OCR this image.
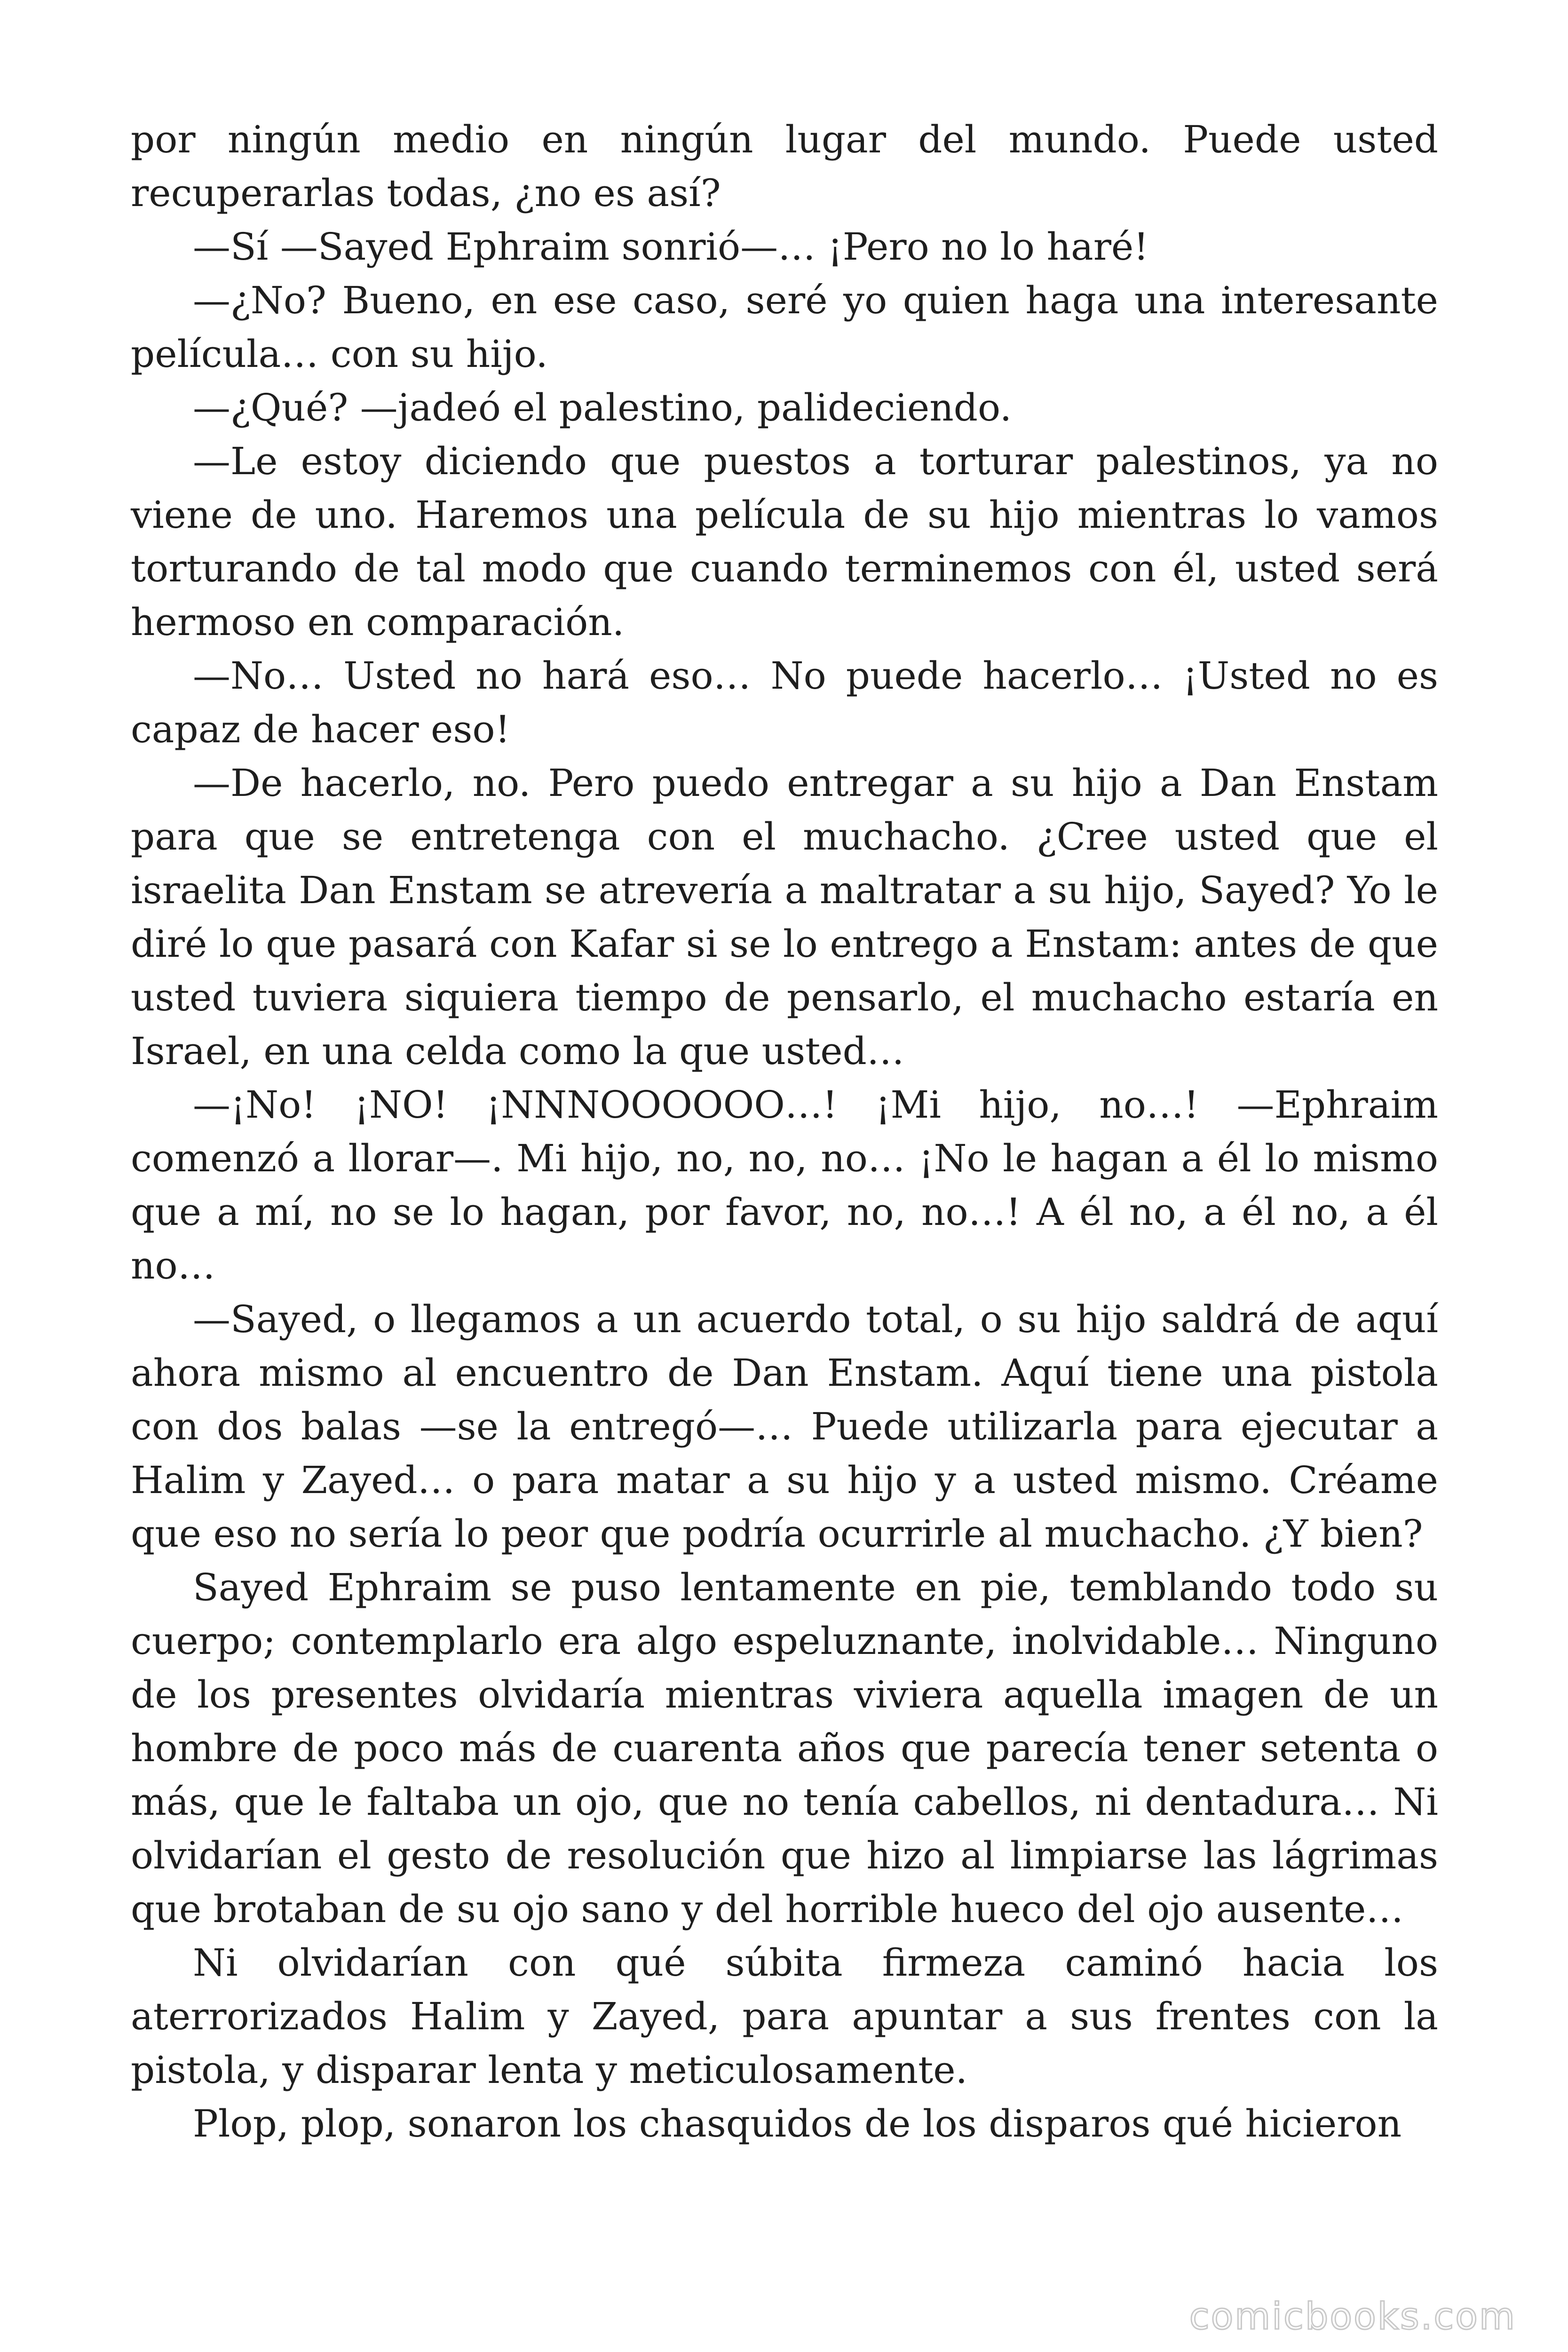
por ningún medio en ningún lugar del mundo. Puede usted recuperarlas todas, ¿no es así?

—Sí —Sayed Ephraim sonrió—… ¡Pero no lo haré!

—¿No? Bueno, en ese caso, seré yo quien haga una interesante película… con su hijo.

—¿Qué? —jadeó el palestino, palideciendo.

—Le estoy diciendo que puestos a torturar palestinos, ya no viene de uno. Haremos una película de su hijo mientras lo vamos torturando de tal modo que cuando terminemos con él, usted será hermoso en comparación.

—No… Usted no hará eso… No puede hacerlo… ¡Usted no es capaz de hacer eso!

—De hacerlo, no. Pero puedo entregar a su hijo a Dan Enstam para que se entretenga con el muchacho. ¿Cree usted que el israelita Dan Enstam se atrevería a maltratar a su hijo, Sayed? Yo le diré lo que pasará con Kafar si se lo entrego a Enstam: antes de que usted tuviera siquiera tiempo de pensarlo, el muchacho estaría en Israel, en una celda como la que usted…

—¡No! ¡NO! ¡NNNOOOOOO…! ¡Mi hijo, no…! —Ephraim comenzó a llorar—. Mi hijo, no, no, no… ¡No le hagan a él lo mismo que a mí, no se lo hagan, por favor, no, no…! A él no, a él no, a él no…

—Sayed, o llegamos a un acuerdo total, o su hijo saldrá de aquí ahora mismo al encuentro de Dan Enstam. Aquí tiene una pistola con dos balas —se la entregó—… Puede utilizarla para ejecutar a Halim y Zayed… o para matar a su hijo y a usted mismo. Créame que eso no sería lo peor que podría ocurrirle al muchacho. ¿Y bien?

Sayed Ephraim se puso lentamente en pie, temblando todo su cuerpo; contemplarlo era algo espeluznante, inolvidable… Ninguno de los presentes olvidaría mientras viviera aquella imagen de un hombre de poco más de cuarenta años que parecía tener setenta o más, que le faltaba un ojo, que no tenía cabellos, ni dentadura… Ni olvidarían el gesto de resolución que hizo al limpiarse las lágrimas que brotaban de su ojo sano y del horrible hueco del ojo ausente…

Ni olvidarían con qué súbita firmeza caminó hacia los aterrorizados Halim y Zayed, para apuntar a sus frentes con la pistola, y disparar lenta y meticulosamente.

Plop, plop, sonaron los chasquidos de los disparos qué hicieron

comicbooks.com
